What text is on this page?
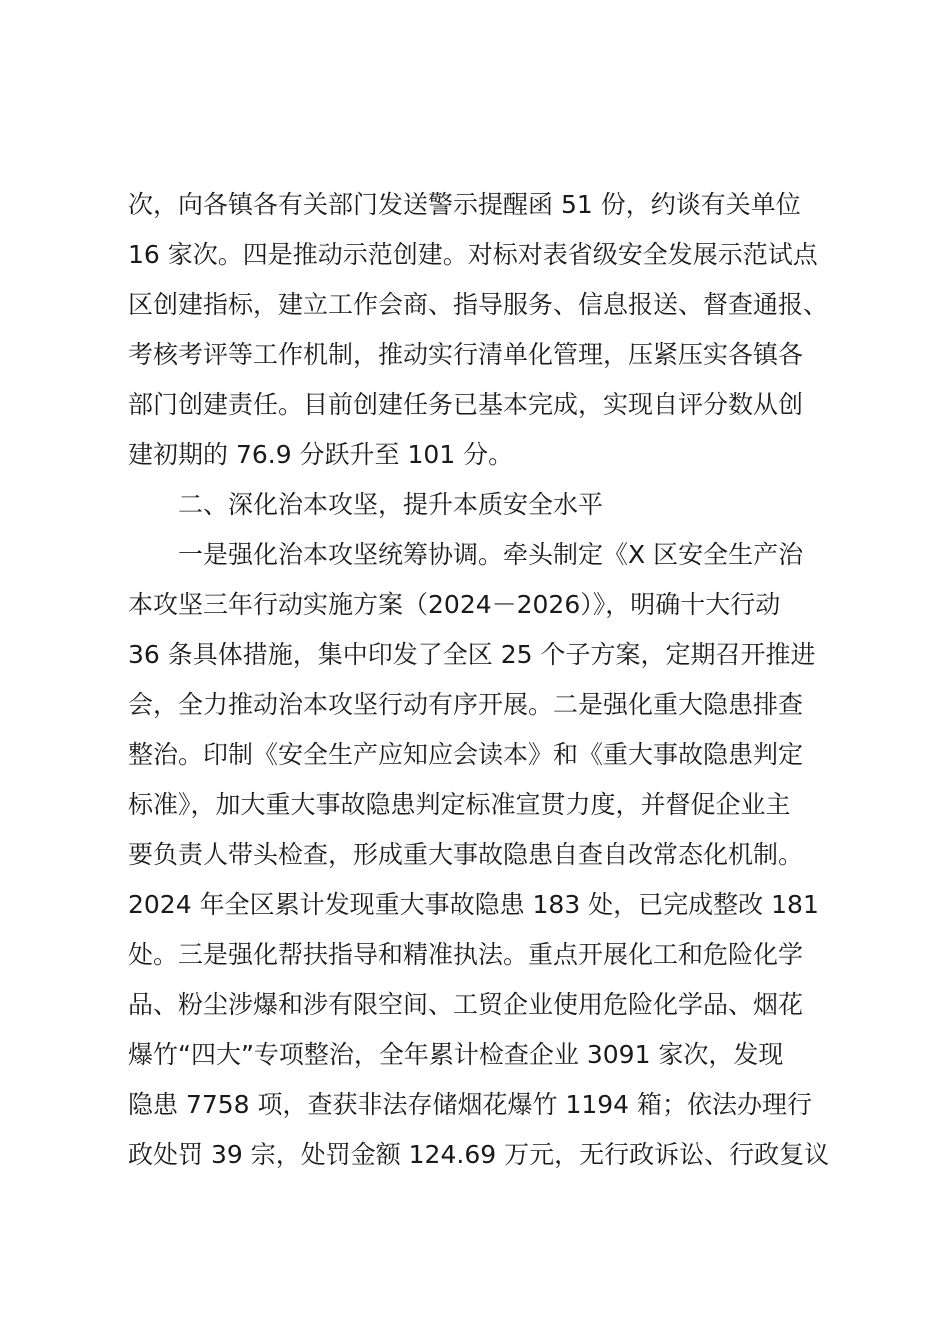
次，向各镇各有关部门发送警示提醒函 51 份，约谈有关单位
16 家次。四是推动示范创建。对标对表省级安全发展示范试点
区创建指标，建立工作会商、指导服务、信息报送、督查通报、
考核考评等工作机制，推动实行清单化管理，压紧压实各镇各
部门创建责任。目前创建任务已基本完成，实现自评分数从创
建初期的 76.9 分跃升至 101 分。
二、深化治本攻坚，提升本质安全水平
一是强化治本攻坚统筹协调。牵头制定《X 区安全生产治
本攻坚三年行动实施方案（2024－2026）》，明确十大行动
36 条具体措施，集中印发了全区 25 个子方案，定期召开推进
会，全力推动治本攻坚行动有序开展。二是强化重大隐患排查
整治。印制《安全生产应知应会读本》和《重大事故隐患判定
标准》，加大重大事故隐患判定标准宣贯力度，并督促企业主
要负责人带头检查，形成重大事故隐患自查自改常态化机制。
2024 年全区累计发现重大事故隐患 183 处，已完成整改 181
处。三是强化帮扶指导和精准执法。重点开展化工和危险化学
品、粉尘涉爆和涉有限空间、工贸企业使用危险化学品、烟花
爆竹“四大”专项整治，全年累计检查企业 3091 家次，发现
隐患 7758 项，查获非法存储烟花爆竹 1194 箱；依法办理行
政处罚 39 宗，处罚金额 124.69 万元，无行政诉讼、行政复议
